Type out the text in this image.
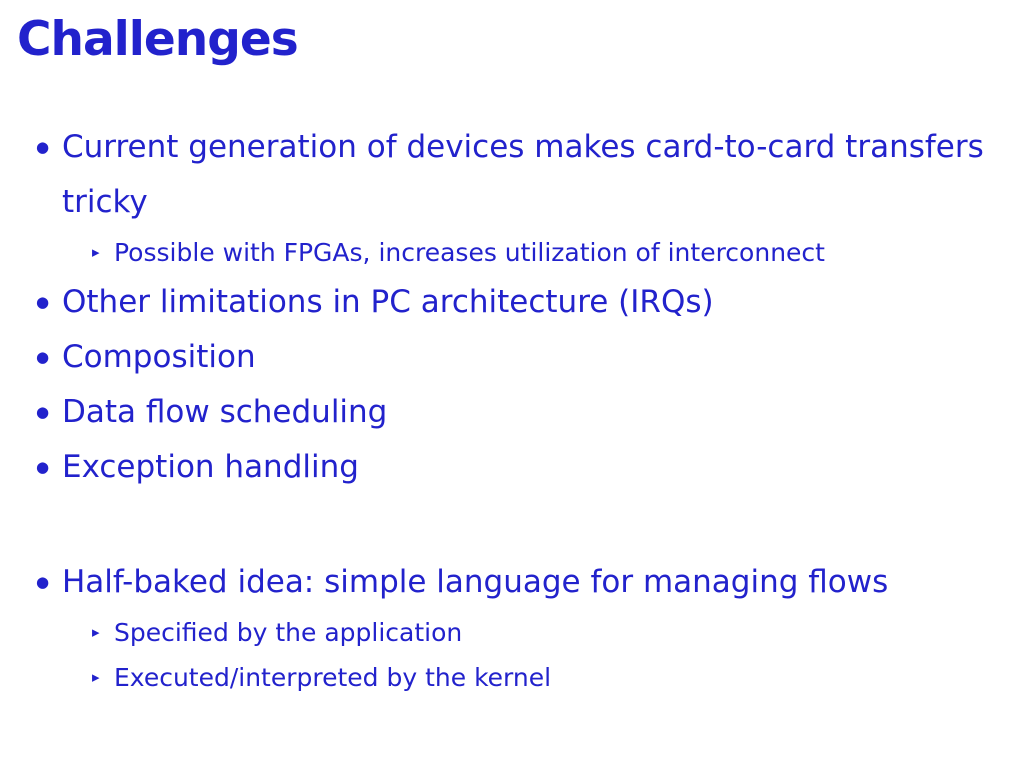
Challenges
● Current generation of devices makes card-to-card transfers tricky
▸ Possible with FPGAs, increases utilization of interconnect
● Other limitations in PC architecture (IRQs)
● Composition
● Data flow scheduling
● Exception handling
● Half-baked idea: simple language for managing flows
▸ Specified by the application
▸ Executed/interpreted by the kernel
